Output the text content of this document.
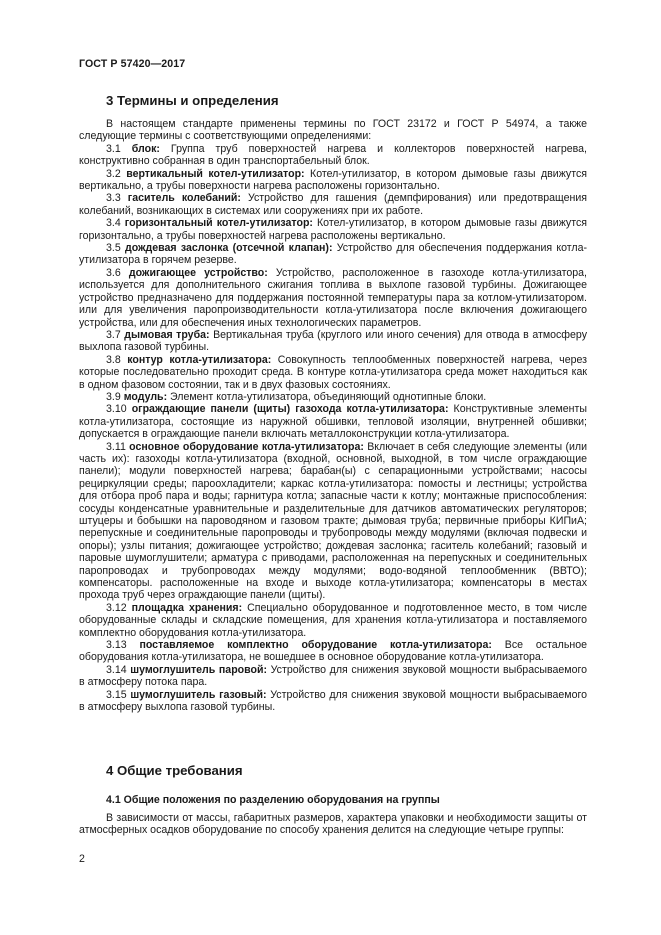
ГОСТ Р 57420—2017
3 Термины и определения

В настоящем стандарте применены термины по ГОСТ 23172 и ГОСТ Р 54974, а также следующие термины с соответствующими определениями:

3.1 блок: Группа труб поверхностей нагрева и коллекторов поверхностей нагрева, конструктивно собранная в один транспортабельный блок.

3.2 вертикальный котел-утилизатор: Котел-утилизатор, в котором дымовые газы движутся вертикально, а трубы поверхности нагрева расположены горизонтально.

3.3 гаситель колебаний: Устройство для гашения (демпфирования) или предотвращения колебаний, возникающих в системах или сооружениях при их работе.

3.4 горизонтальный котел-утилизатор: Котел-утилизатор, в котором дымовые газы движутся горизонтально, а трубы поверхностей нагрева расположены вертикально.

3.5 дождевая заслонка (отсечной клапан): Устройство для обеспечения поддержания котла-утилизатора в горячем резерве.

3.6 дожигающее устройство: Устройство, расположенное в газоходе котла-утилизатора, используется для дополнительного сжигания топлива в выхлопе газовой турбины. Дожигающее устройство предназначено для поддержания постоянной температуры пара за котлом-утилизатором. или для увеличения паропроизводительности котла-утилизатора после включения дожигающего устройства, или для обеспечения иных технологических параметров.

3.7 дымовая труба: Вертикальная труба (круглого или иного сечения) для отвода в атмосферу выхлопа газовой турбины.

3.8 контур котла-утилизатора: Совокупность теплообменных поверхностей нагрева, через которые последовательно проходит среда. В контуре котла-утилизатора среда может находиться как в одном фазовом состоянии, так и в двух фазовых состояниях.

3.9 модуль: Элемент котла-утилизатора, объединяющий однотипные блоки.

3.10 ограждающие панели (щиты) газохода котла-утилизатора: Конструктивные элементы котла-утилизатора, состоящие из наружной обшивки, тепловой изоляции, внутренней обшивки; допускается в ограждающие панели включать металлоконструкции котла-утилизатора.

3.11 основное оборудование котла-утилизатора: Включает в себя следующие элементы (или часть их): газоходы котла-утилизатора (входной, основной, выходной, в том числе ограждающие панели); модули поверхностей нагрева; барабан(ы) с сепарационными устройствами; насосы рециркуляции среды; пароохладители; каркас котла-утилизатора: помосты и лестницы; устройства для отбора проб пара и воды; гарнитура котла; запасные части к котлу; монтажные приспособления: сосуды конденсатные уравнительные и разделительные для датчиков автоматических регуляторов; штуцеры и бобышки на пароводяном и газовом тракте; дымовая труба; первичные приборы КИПиА; перепускные и соединительные паропроводы и трубопроводы между модулями (включая подвески и опоры); узлы питания; дожигающее устройство; дождевая заслонка; гаситель колебаний; газовый и паровые шумоглушители; арматура с приводами, расположенная на перепускных и соединительных паропроводах и трубопроводах между модулями; водо-водяной теплообменник (ВВТО); компенсаторы. расположенные на входе и выходе котла-утилизатора; компенсаторы в местах прохода труб через ограждающие панели (щиты).

3.12 площадка хранения: Специально оборудованное и подготовленное место, в том числе оборудованные склады и складские помещения, для хранения котла-утилизатора и поставляемого комплектно оборудования котла-утилизатора.

3.13 поставляемое комплектно оборудование котла-утилизатора: Все остальное оборудования котла-утилизатора, не вошедшее в основное оборудование котла-утилизатора.

3.14 шумоглушитель паровой: Устройство для снижения звуковой мощности выбрасываемого в атмосферу потока пара.

3.15 шумоглушитель газовый: Устройство для снижения звуковой мощности выбрасываемого в атмосферу выхлопа газовой турбины.

4 Общие требования
4.1 Общие положения по разделению оборудования на группы

В зависимости от массы, габаритных размеров, характера упаковки и необходимости защиты от атмосферных осадков оборудование по способу хранения делится на следующие четыре группы:

2
